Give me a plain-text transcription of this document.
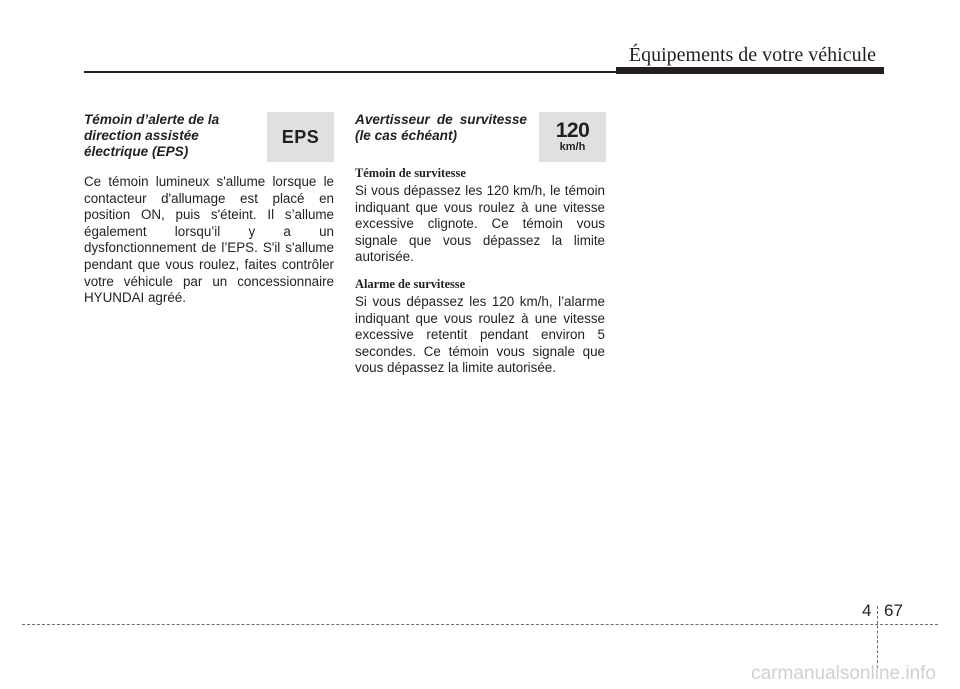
Équipements de votre véhicule
Témoin d’alerte de la direction assistée électrique (EPS)

Ce témoin lumineux s'allume lorsque le contacteur d'allumage est placé en position ON, puis s'éteint. Il s’allume également lorsqu’il y a un dysfonctionnement de l’EPS. S'il s'allume pendant que vous roulez, faites contrôler votre véhicule par un concessionnaire HYUNDAI agréé.

EPS
Avertisseur de survitesse (le cas échéant)
Témoin de survitesse

Si vous dépassez les 120 km/h, le témoin indiquant que vous roulez à une vitesse excessive clignote. Ce témoin vous signale que vous dépassez la limite autorisée.

Alarme de survitesse

Si vous dépassez les 120 km/h, l’alarme indiquant que vous roulez à une vitesse excessive retentit pendant environ 5 secondes. Ce témoin vous signale que vous dépassez la limite autorisée.

120
km/h
4 67
carmanualsonline.info
